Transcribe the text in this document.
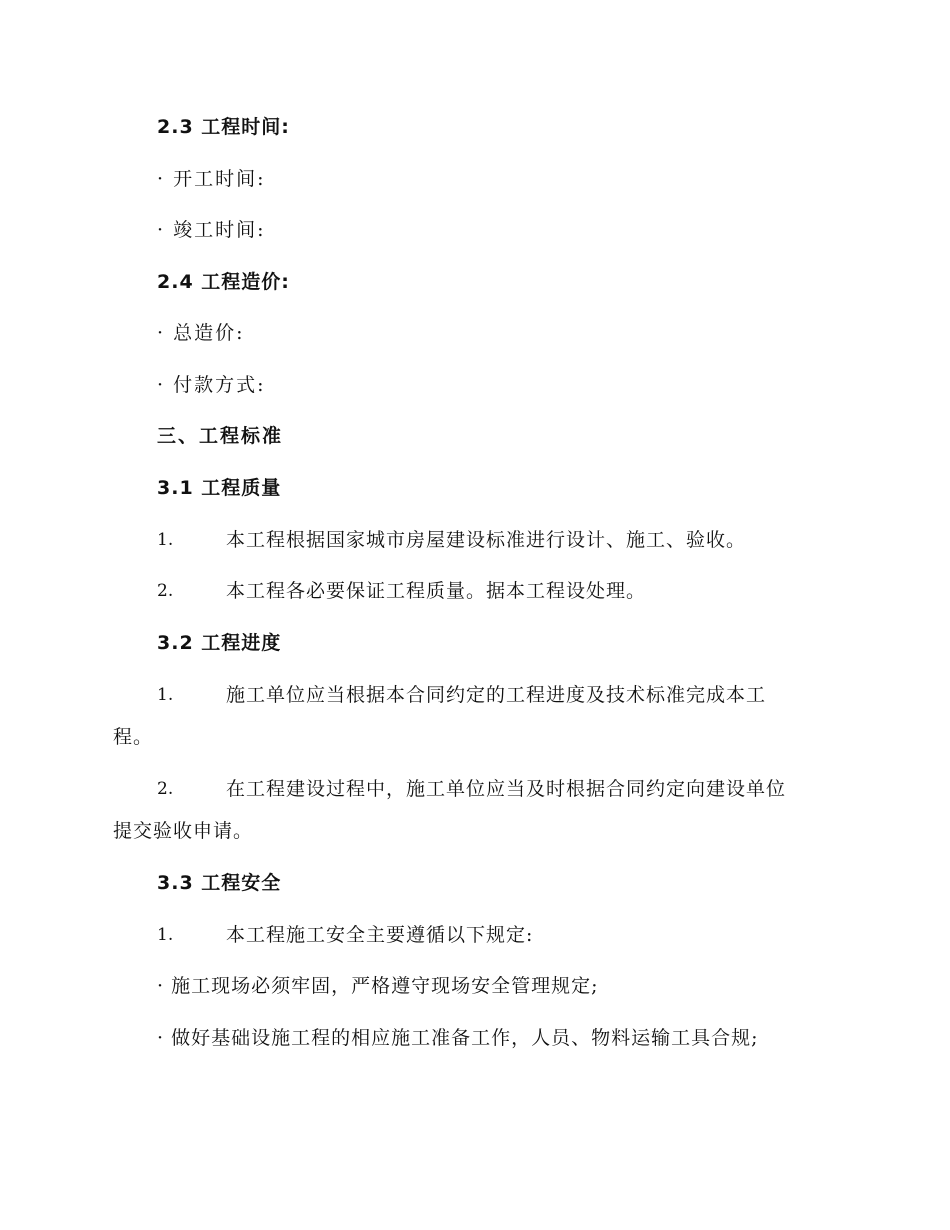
2.3 工程时间:
· 开工时间:
· 竣工时间:
2.4 工程造价:
· 总造价:
· 付款方式:
三、工程标准
3.1 工程质量
1.	本工程根据国家城市房屋建设标准进行设计、施工、验收。
2.	本工程各必要保证工程质量。据本工程设处理。
3.2 工程进度
1.	施工单位应当根据本合同约定的工程进度及技术标准完成本工
程。
2.	在工程建设过程中，施工单位应当及时根据合同约定向建设单位
提交验收申请。
3.3 工程安全
1.	本工程施工安全主要遵循以下规定:
· 施工现场必须牢固，严格遵守现场安全管理规定;
· 做好基础设施工程的相应施工准备工作，人员、物料运输工具合规;
